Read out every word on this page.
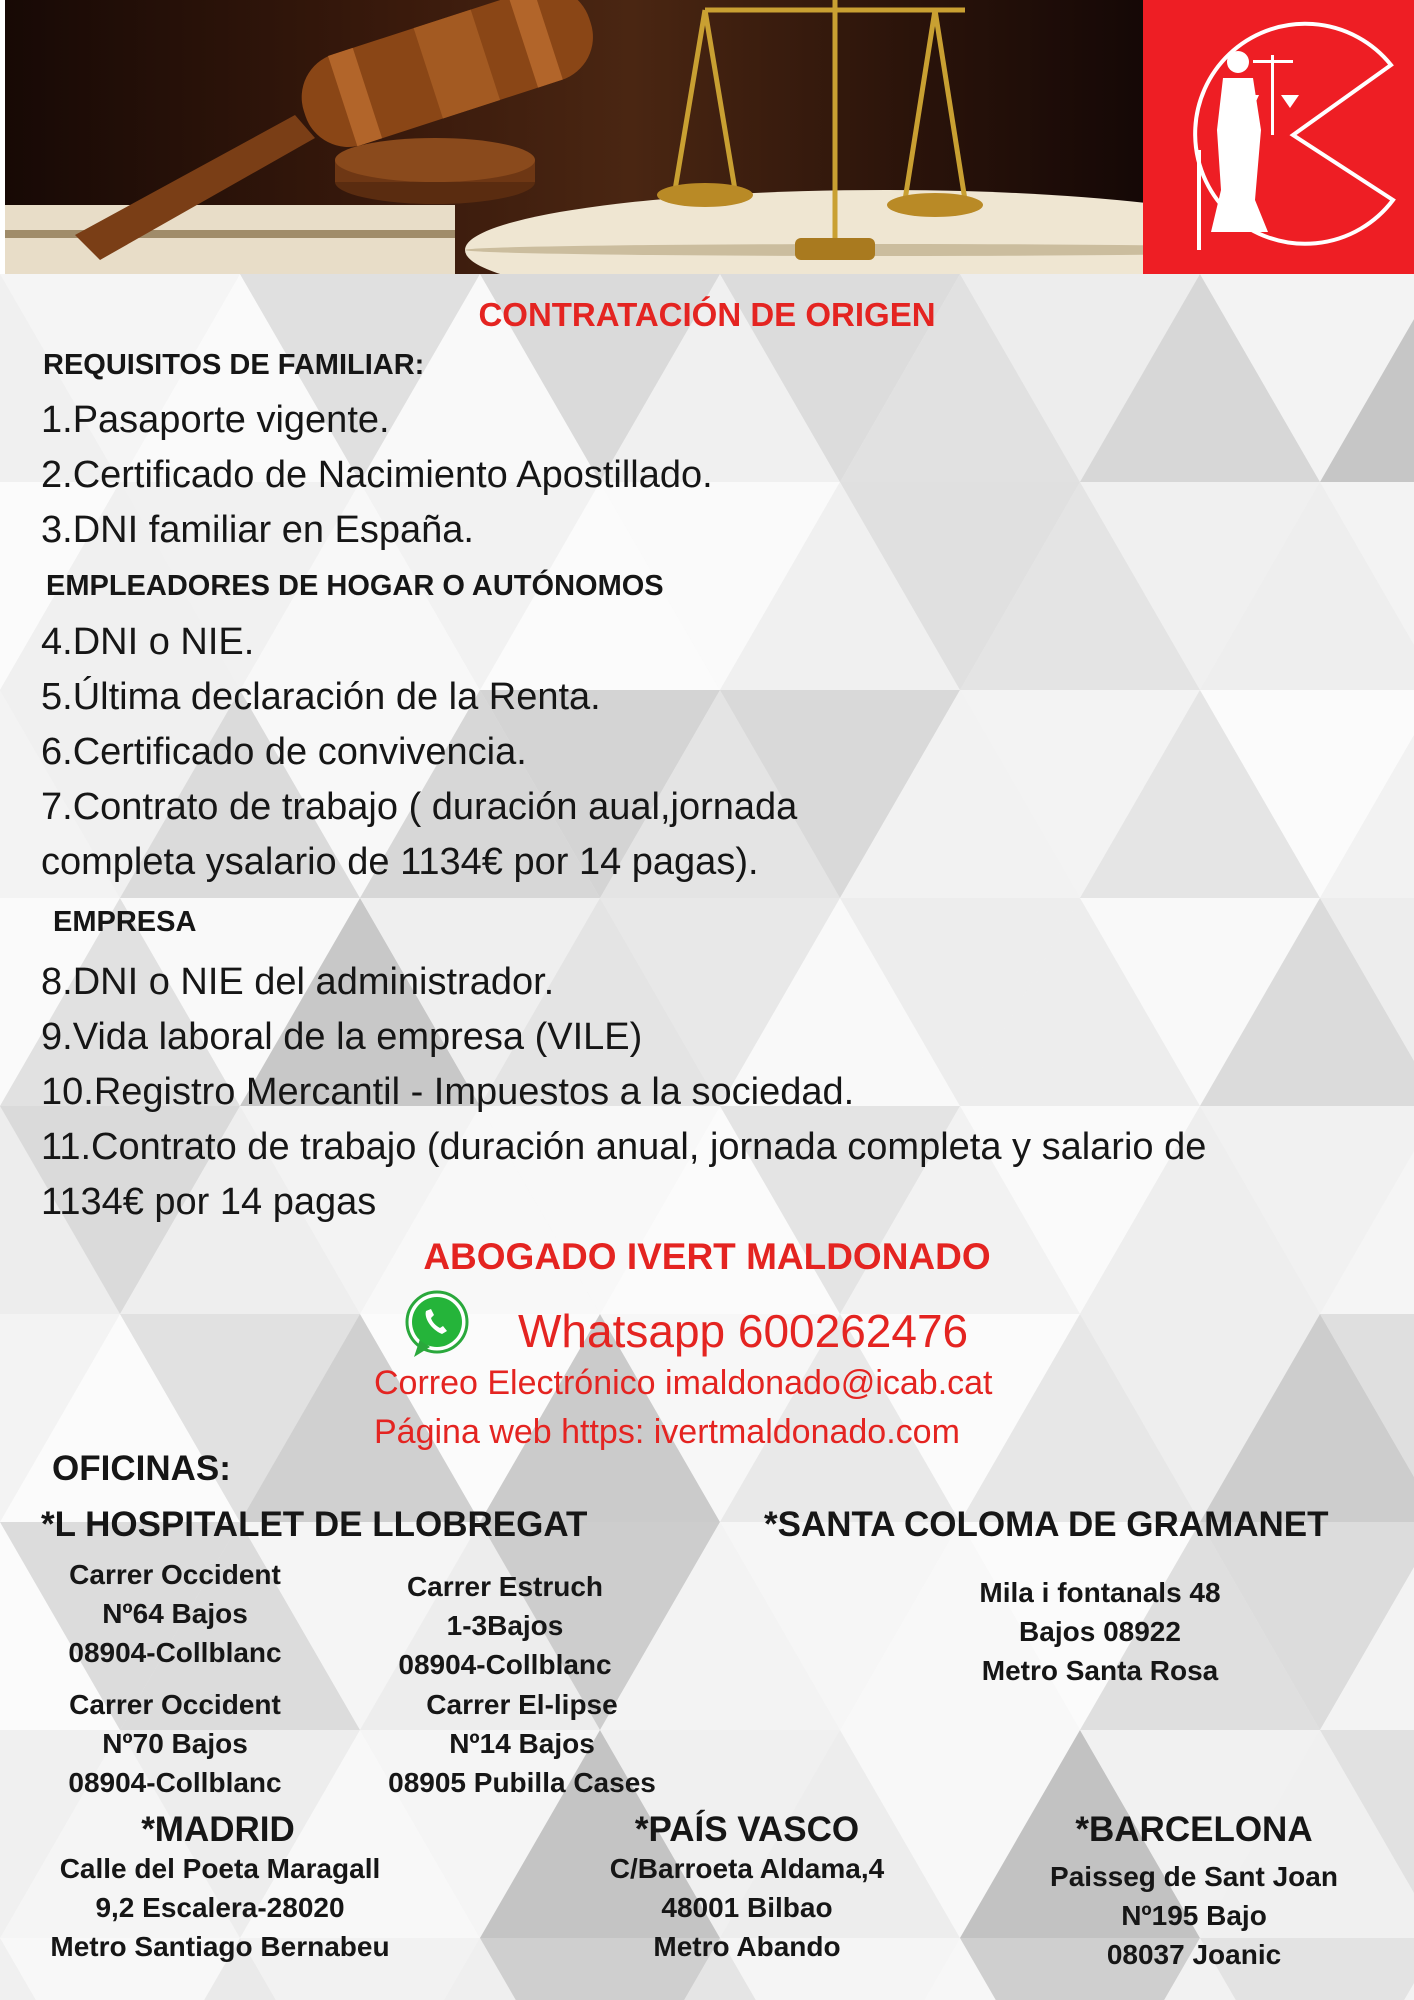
CONTRATACIÓN DE ORIGEN
REQUISITOS DE FAMILIAR:
1.Pasaporte vigente.
2.Certificado de Nacimiento Apostillado.
3.DNI familiar en España.
EMPLEADORES DE HOGAR O AUTÓNOMOS
4.DNI o NIE.
5.Última declaración de la Renta.
6.Certificado de convivencia.
7.Contrato de trabajo ( duración aual,jornada
completa ysalario de 1134€ por 14 pagas).
EMPRESA
8.DNI o NIE del administrador.
9.Vida laboral de la empresa (VILE)
10.Registro Mercantil - Impuestos a la sociedad.
11.Contrato de trabajo (duración anual, jornada completa y salario de
1134€ por 14 pagas
ABOGADO IVERT MALDONADO
Whatsapp 600262476
Correo Electrónico imaldonado@icab.cat
Página web https: ivertmaldonado.com
OFICINAS:
*L HOSPITALET DE LLOBREGAT	*SANTA COLOMA DE GRAMANET
Carrer Occident
Nº64 Bajos
08904-Collblanc
Carrer Estruch
1-3Bajos
08904-Collblanc
Carrer Occident
Nº70 Bajos
08904-Collblanc
Carrer El-lipse
Nº14 Bajos
08905 Pubilla Cases
Mila i fontanals 48
Bajos 08922
Metro Santa Rosa
*MADRID	*PAÍS VASCO	*BARCELONA
Calle del Poeta Maragall
9,2 Escalera-28020
Metro Santiago Bernabeu
C/Barroeta Aldama,4
48001 Bilbao
Metro Abando
Paisseg de Sant Joan
Nº195 Bajo
08037 Joanic
